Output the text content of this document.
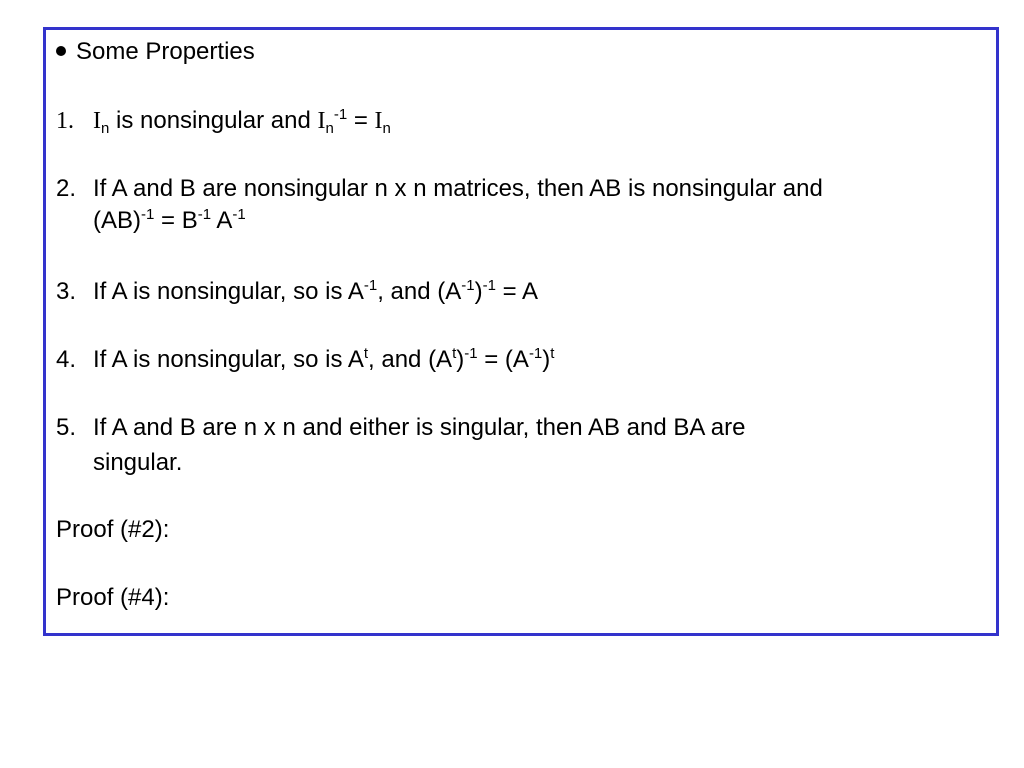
Some Properties
1. $I_n$ is nonsingular and $I_n^{-1} = I_n$
2. If A and B are nonsingular n x n matrices, then AB is nonsingular and
$(AB)^{-1} = B^{-1}$ $A^{-1}$
3. If A is nonsingular, so is $A^{-1}$, and $(A^{-1})^{-1} = A$
4. If A is nonsingular, so is $A^t$, and $(A^t)^{-1} = (A^{-1})^t$
5. If A and B are n x n and either is singular, then AB and BA are
singular.
Proof (#2):
Proof (#4):
